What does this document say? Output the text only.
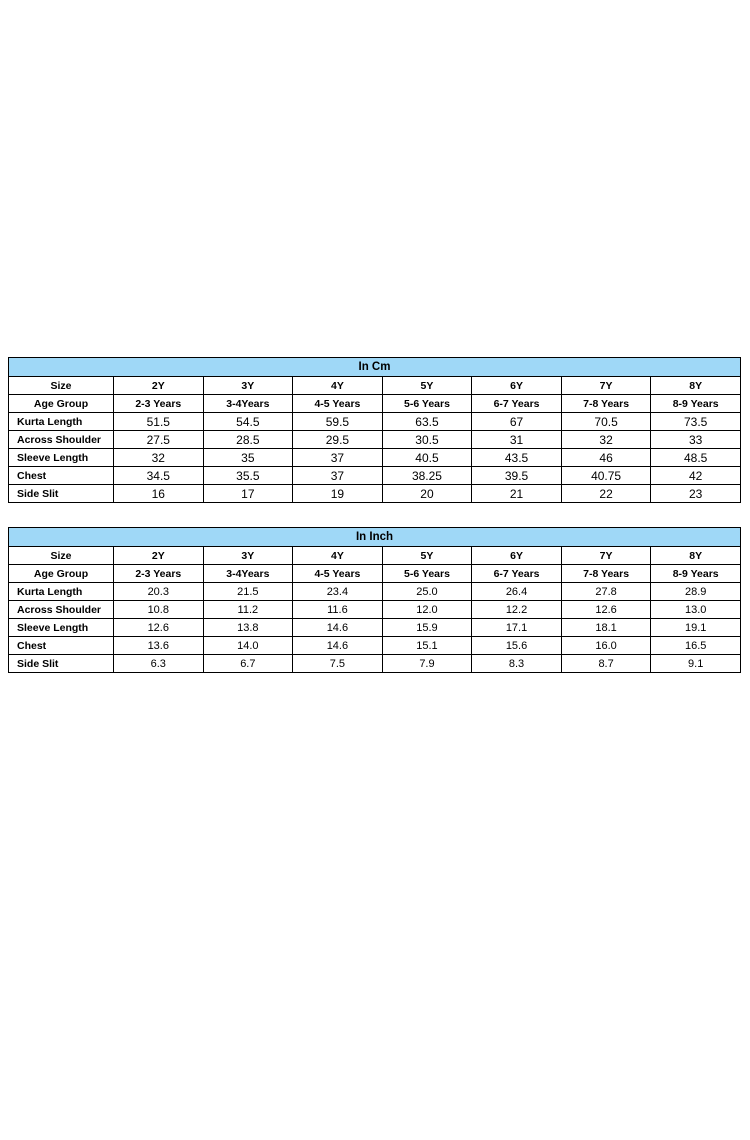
In Cm							
Size	2Y	3Y	4Y	5Y	6Y	7Y	8Y
Age Group	2-3 Years	3-4Years	4-5 Years	5-6 Years	6-7 Years	7-8 Years	8-9 Years
Kurta Length	51.5	54.5	59.5	63.5	67	70.5	73.5
Across Shoulder	27.5	28.5	29.5	30.5	31	32	33
Sleeve Length	32	35	37	40.5	43.5	46	48.5
Chest	34.5	35.5	37	38.25	39.5	40.75	42
Side Slit	16	17	19	20	21	22	23
In Inch							
Size	2Y	3Y	4Y	5Y	6Y	7Y	8Y
Age Group	2-3 Years	3-4Years	4-5 Years	5-6 Years	6-7 Years	7-8 Years	8-9 Years
Kurta Length	20.3	21.5	23.4	25.0	26.4	27.8	28.9
Across Shoulder	10.8	11.2	11.6	12.0	12.2	12.6	13.0
Sleeve Length	12.6	13.8	14.6	15.9	17.1	18.1	19.1
Chest	13.6	14.0	14.6	15.1	15.6	16.0	16.5
Side Slit	6.3	6.7	7.5	7.9	8.3	8.7	9.1
